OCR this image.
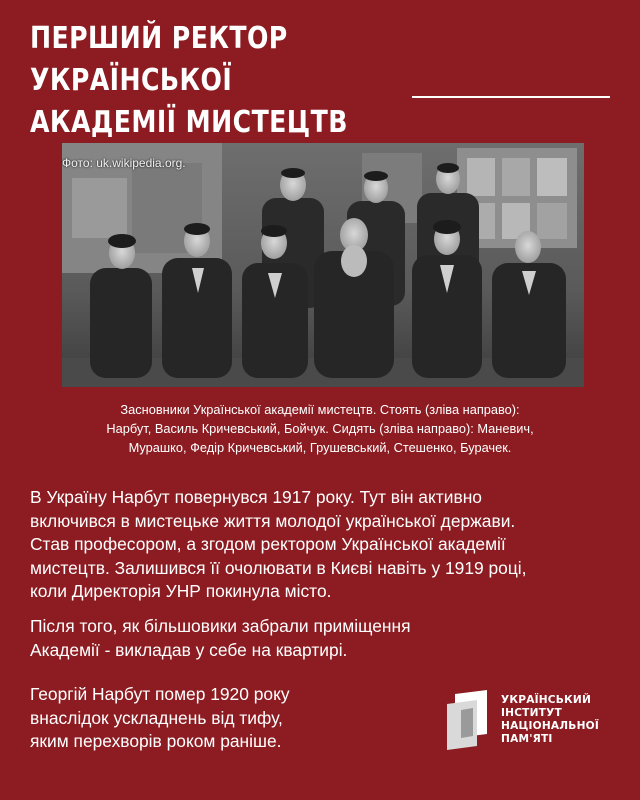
ПЕРШИЙ РЕКТОР УКРАЇНСЬКОЇ
АКАДЕМІЇ МИСТЕЦТВ
Фото: uk.wikipedia.org.
Засновники Української академії мистецтв. Стоять (зліва направо):
Нарбут, Василь Кричевський, Бойчук. Сидять (зліва направо): Маневич,
Мурашко, Федір Кричевський, Грушевський, Стешенко, Бурачек.
В Україну Нарбут повернувся 1917 року. Тут він активно
включився в мистецьке життя молодої української держави.
Став професором, а згодом ректором Української академії
мистецтв. Залишився її очолювати в Києві навіть у 1919 році,
коли Директорія УНР покинула місто.
Після того, як більшовики забрали приміщення
Академії - викладав у себе на квартирі.
Георгій Нарбут помер 1920 року
внаслідок ускладнень від тифу,
яким перехворів роком раніше.
УКРАЇНСЬКИЙ
ІНСТИТУТ
НАЦІОНАЛЬНОЇ
ПАМ'ЯТІ
